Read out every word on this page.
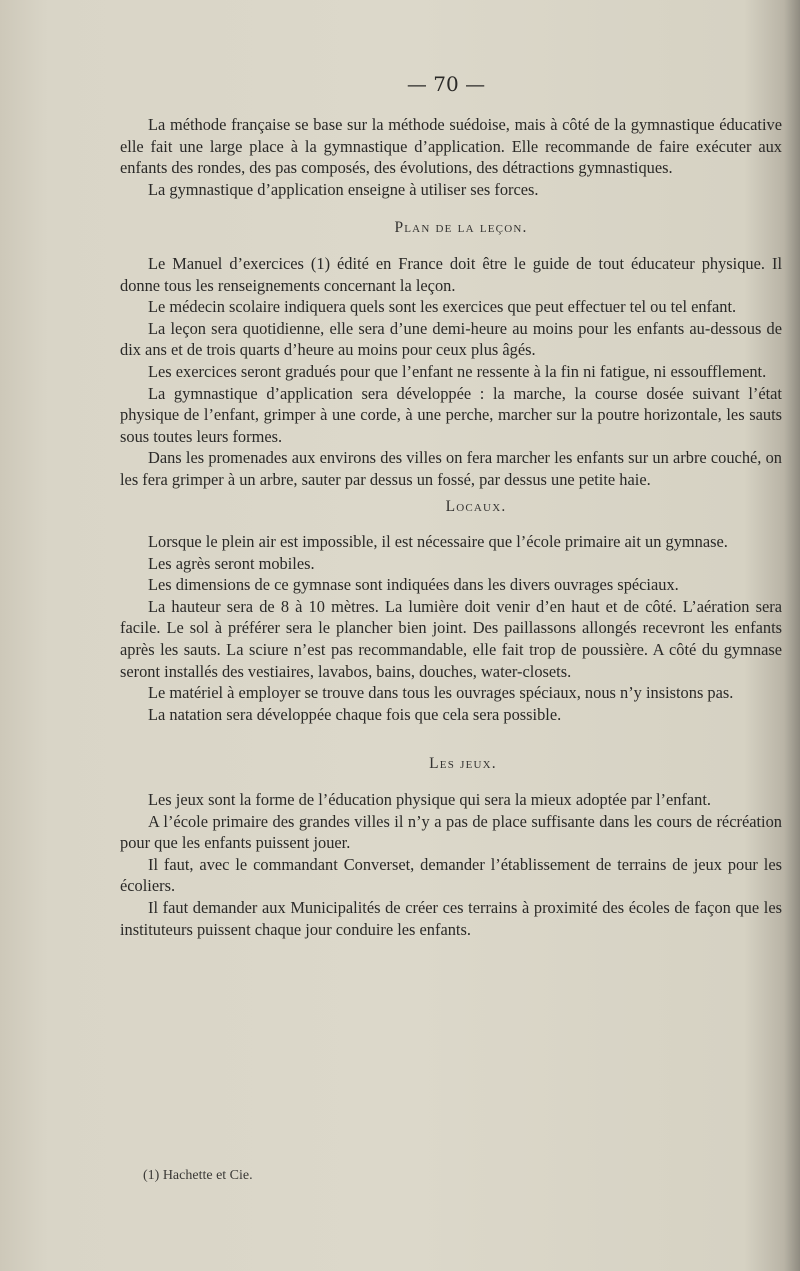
— 70 —

La méthode française se base sur la méthode suédoise, mais à côté de la gymnastique éducative elle fait une large place à la gymnastique d’application. Elle recommande de faire exécuter aux enfants des rondes, des pas composés, des évolutions, des détractions gymnastiques.

La gymnastique d’application enseigne à utiliser ses forces.

Plan de la leçon.

Le Manuel d’exercices (1) édité en France doit être le guide de tout éducateur physique. Il donne tous les renseignements concernant la leçon.

Le médecin scolaire indiquera quels sont les exercices que peut effectuer tel ou tel enfant.

La leçon sera quotidienne, elle sera d’une demi-heure au moins pour les enfants au-dessous de dix ans et de trois quarts d’heure au moins pour ceux plus âgés.

Les exercices seront gradués pour que l’enfant ne ressente à la fin ni fatigue, ni essoufflement.

La gymnastique d’application sera développée : la marche, la course dosée suivant l’état physique de l’enfant, grimper à une corde, à une perche, marcher sur la poutre horizontale, les sauts sous toutes leurs formes.

Dans les promenades aux environs des villes on fera marcher les enfants sur un arbre couché, on les fera grimper à un arbre, sauter par dessus un fossé, par dessus une petite haie.

Locaux.

Lorsque le plein air est impossible, il est nécessaire que l’école primaire ait un gymnase.

Les agrès seront mobiles.

Les dimensions de ce gymnase sont indiquées dans les divers ouvrages spéciaux.

La hauteur sera de 8 à 10 mètres. La lumière doit venir d’en haut et de côté. L’aération sera facile. Le sol à préférer sera le plancher bien joint. Des paillassons allongés recevront les enfants après les sauts. La sciure n’est pas recommandable, elle fait trop de poussière. A côté du gymnase seront installés des vestiaires, lavabos, bains, douches, water-closets.

Le matériel à employer se trouve dans tous les ouvrages spéciaux, nous n’y insistons pas.

La natation sera développée chaque fois que cela sera possible.

Les jeux.

Les jeux sont la forme de l’éducation physique qui sera la mieux adoptée par l’enfant.

A l’école primaire des grandes villes il n’y a pas de place suffisante dans les cours de récréation pour que les enfants puissent jouer.

Il faut, avec le commandant Converset, demander l’établissement de terrains de jeux pour les écoliers.

Il faut demander aux Municipalités de créer ces terrains à proximité des écoles de façon que les instituteurs puissent chaque jour conduire les enfants.

(1) Hachette et Cie.
